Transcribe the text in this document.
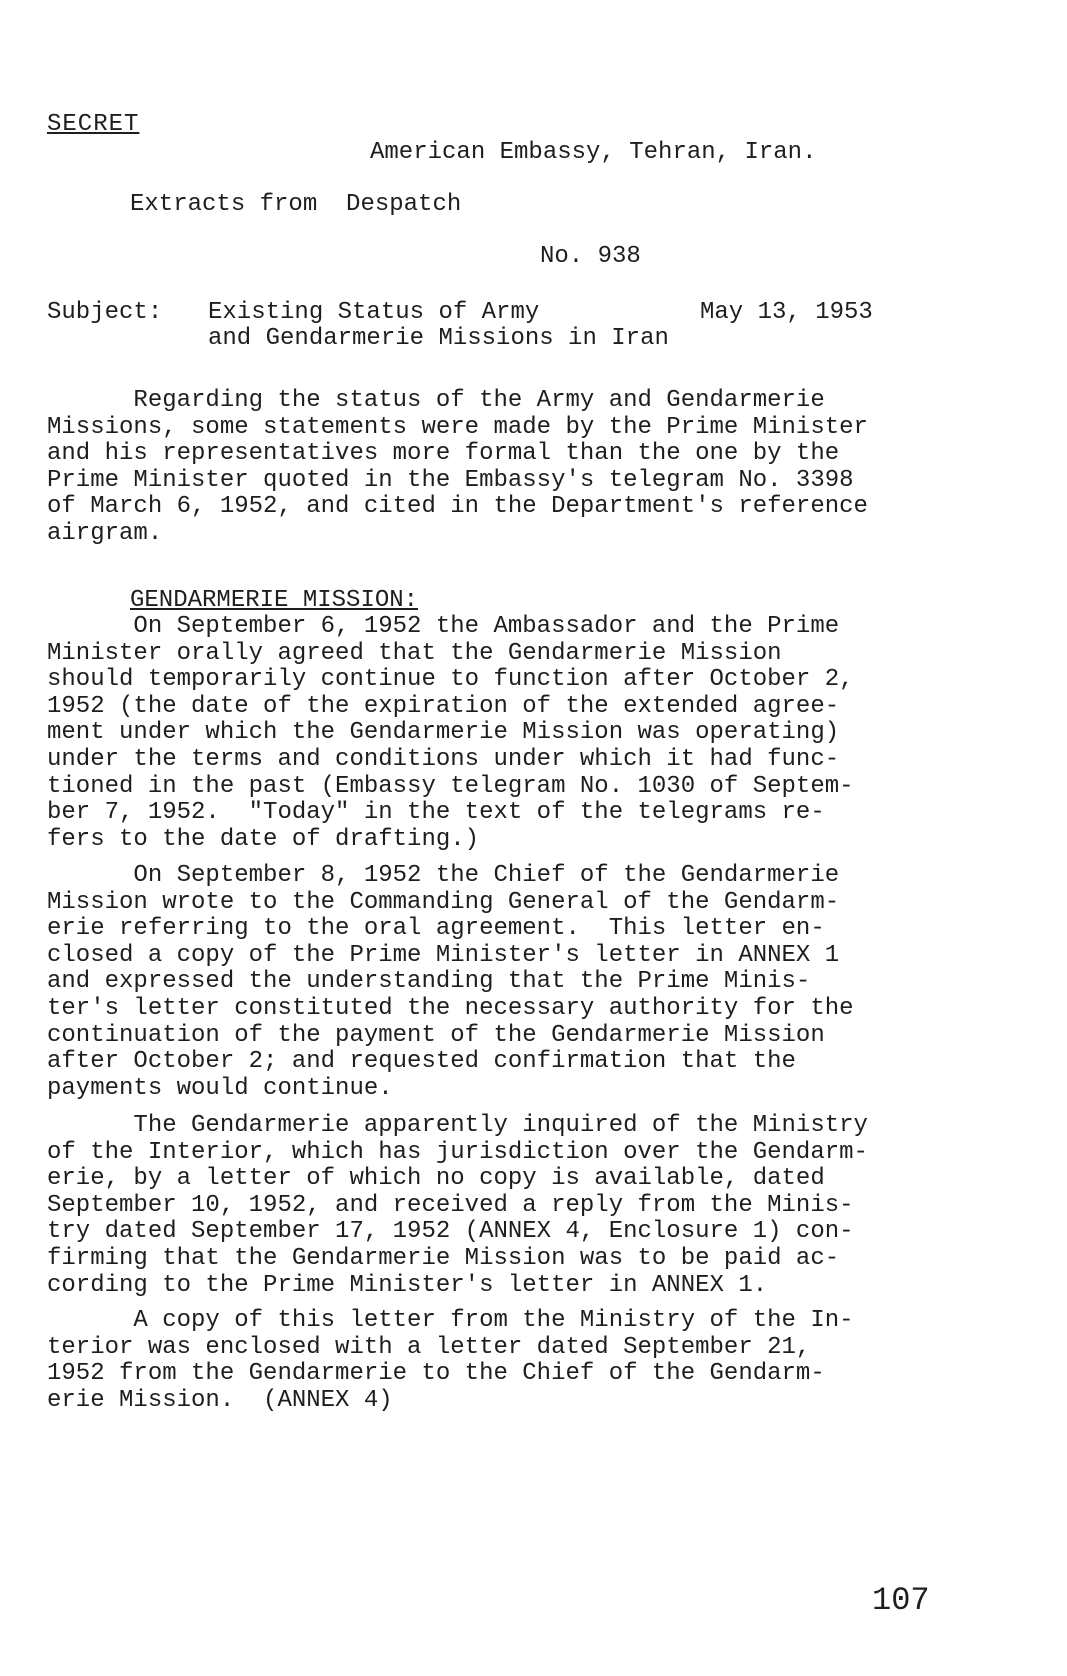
SECRET
American Embassy, Tehran, Iran.
Extracts from  Despatch
No. 938
Subject: Existing Status of Army
and Gendarmerie Missions in Iran
May 13, 1953
Regarding the status of the Army and Gendarmerie
Missions, some statements were made by the Prime Minister
and his representatives more formal than the one by the
Prime Minister quoted in the Embassy's telegram No. 3398
of March 6, 1952, and cited in the Department's reference
airgram.
GENDARMERIE MISSION:
On September 6, 1952 the Ambassador and the Prime
Minister orally agreed that the Gendarmerie Mission
should temporarily continue to function after October 2,
1952 (the date of the expiration of the extended agree-
ment under which the Gendarmerie Mission was operating)
under the terms and conditions under which it had func-
tioned in the past (Embassy telegram No. 1030 of Septem-
ber 7, 1952.  "Today" in the text of the telegrams re-
fers to the date of drafting.)
On September 8, 1952 the Chief of the Gendarmerie
Mission wrote to the Commanding General of the Gendarm-
erie referring to the oral agreement.  This letter en-
closed a copy of the Prime Minister's letter in ANNEX 1
and expressed the understanding that the Prime Minis-
ter's letter constituted the necessary authority for the
continuation of the payment of the Gendarmerie Mission
after October 2; and requested confirmation that the
payments would continue.
The Gendarmerie apparently inquired of the Ministry
of the Interior, which has jurisdiction over the Gendarm-
erie, by a letter of which no copy is available, dated
September 10, 1952, and received a reply from the Minis-
try dated September 17, 1952 (ANNEX 4, Enclosure 1) con-
firming that the Gendarmerie Mission was to be paid ac-
cording to the Prime Minister's letter in ANNEX 1.
A copy of this letter from the Ministry of the In-
terior was enclosed with a letter dated September 21,
1952 from the Gendarmerie to the Chief of the Gendarm-
erie Mission.  (ANNEX 4)
107
